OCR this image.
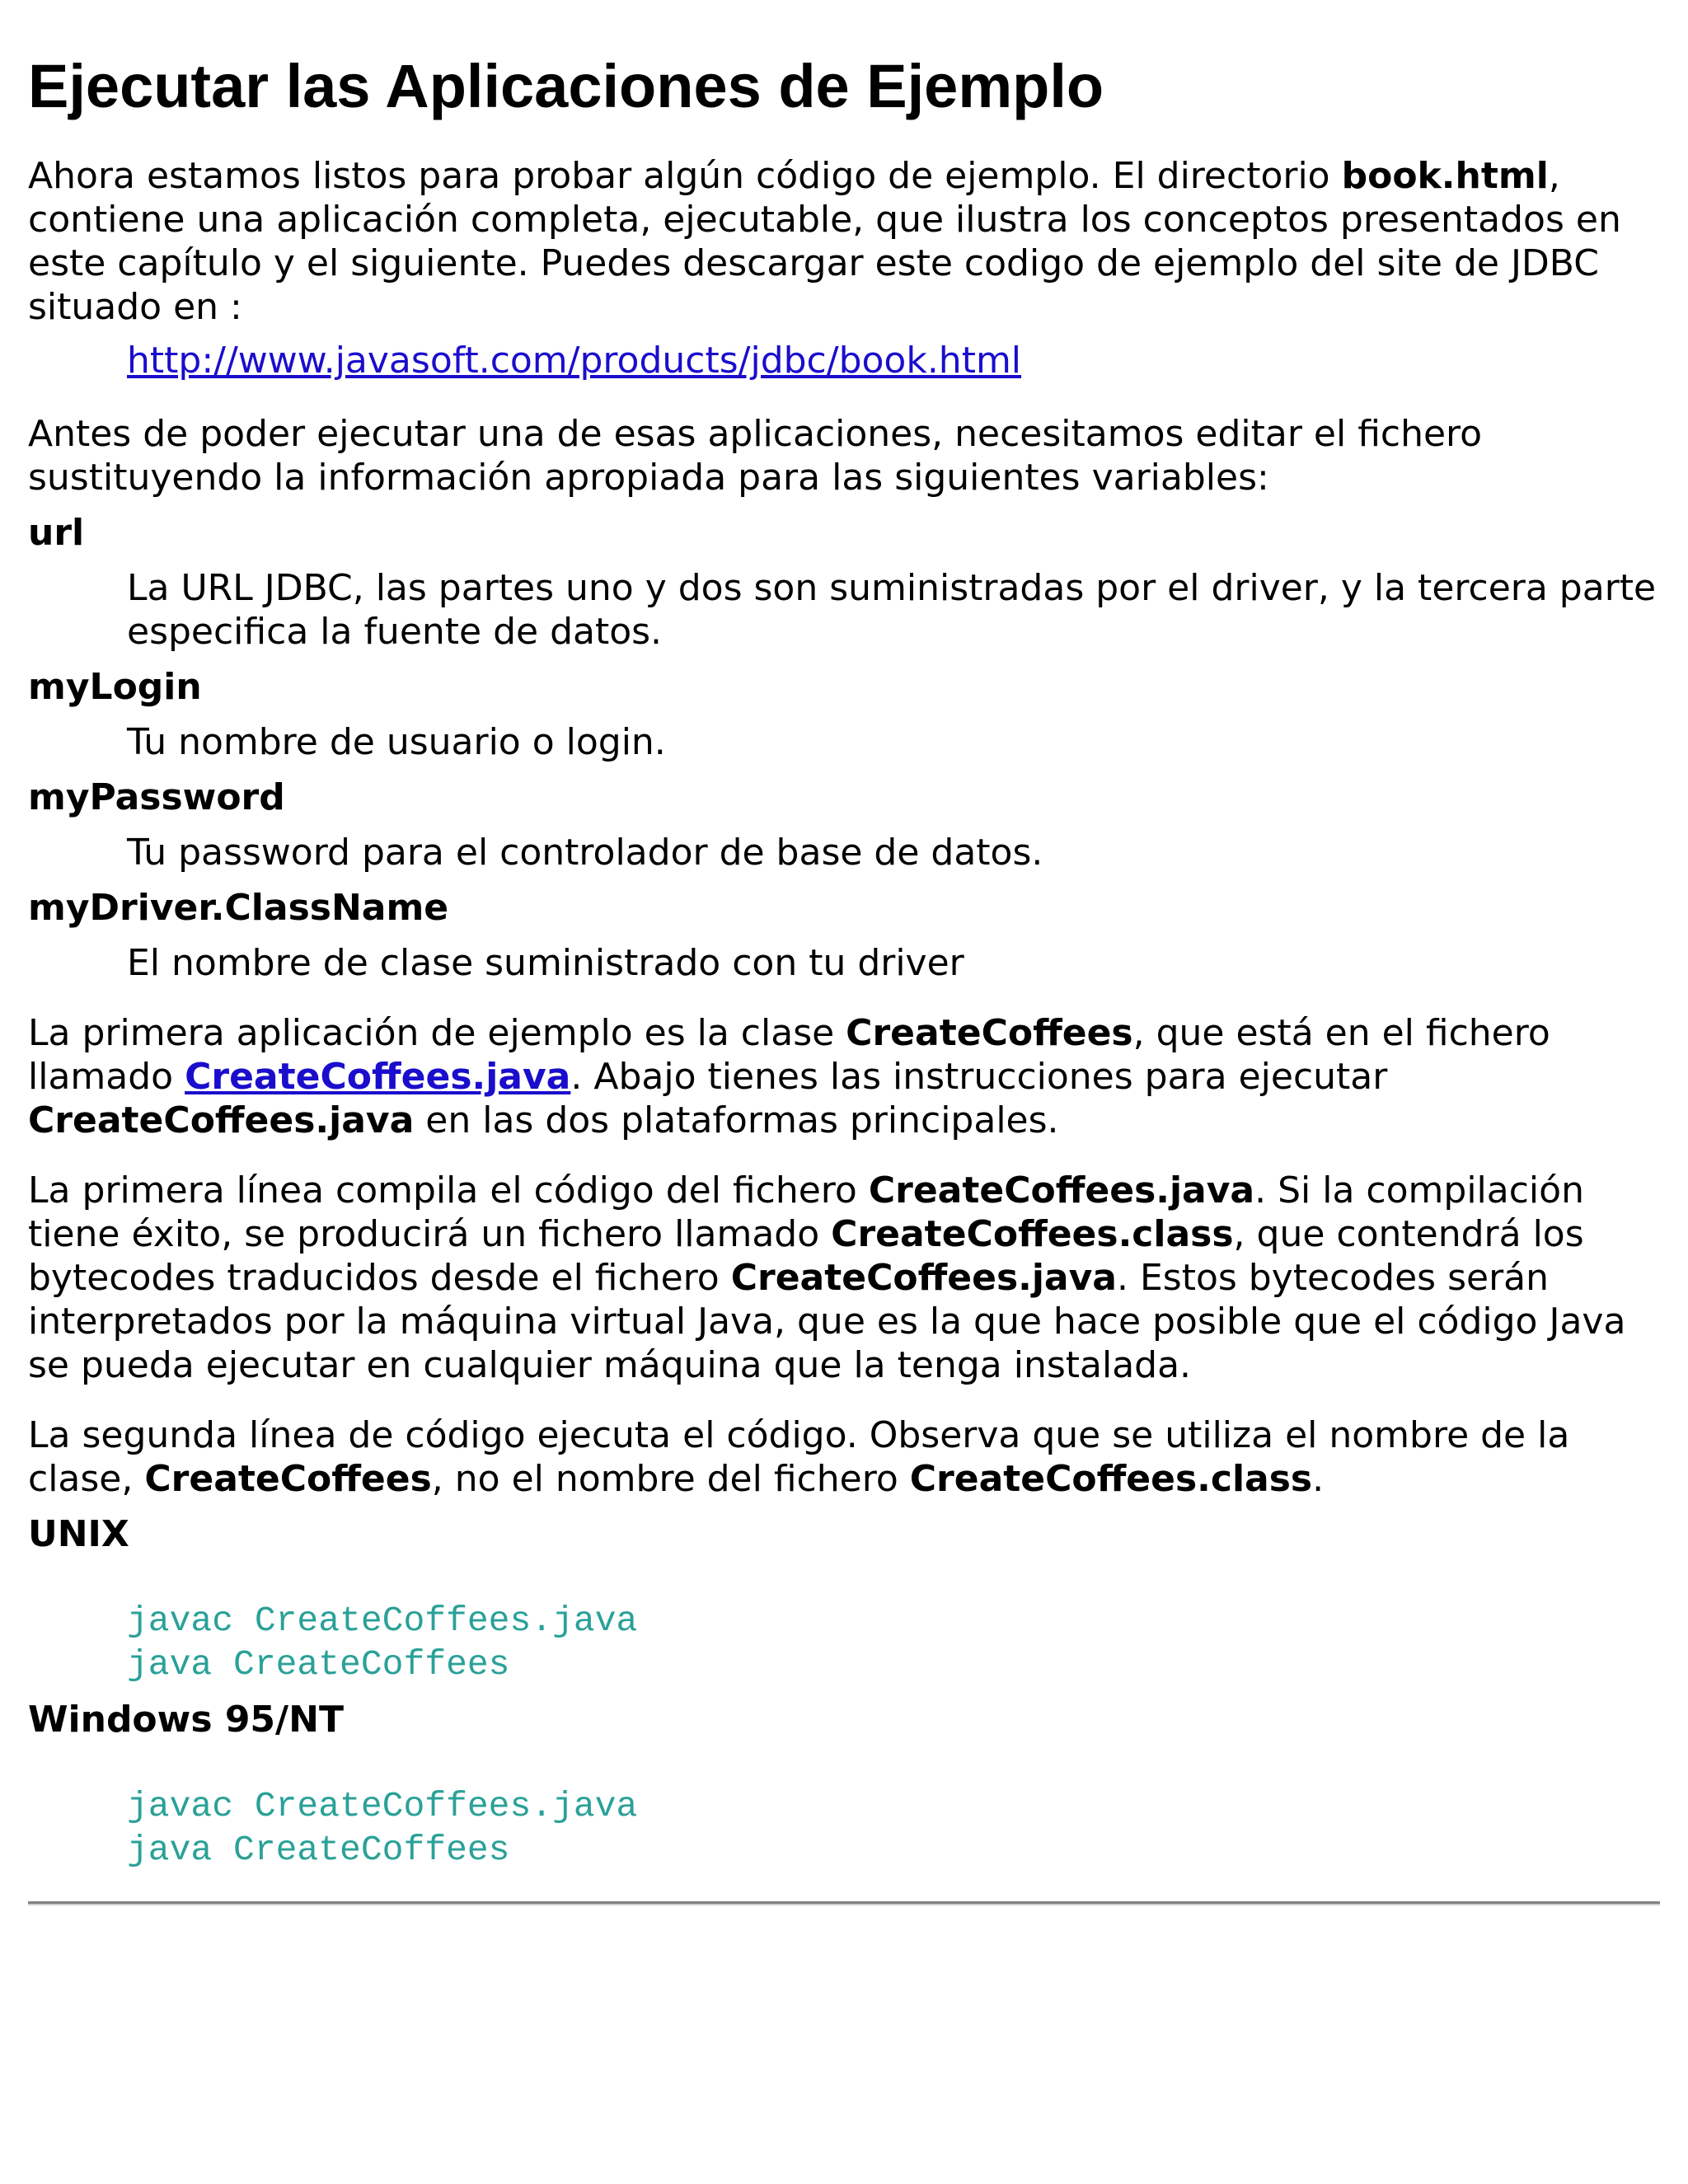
Ejecutar las Aplicaciones de Ejemplo

Ahora estamos listos para probar algún código de ejemplo. El directorio book.html, contiene una aplicación completa, ejecutable, que ilustra los conceptos presentados en este capítulo y el siguiente. Puedes descargar este codigo de ejemplo del site de JDBC situado en :

http://www.javasoft.com/products/jdbc/book.html

Antes de poder ejecutar una de esas aplicaciones, necesitamos editar el fichero sustituyendo la información apropiada para las siguientes variables:

url
La URL JDBC, las partes uno y dos son suministradas por el driver, y la tercera parte especifica la fuente de datos.
myLogin
Tu nombre de usuario o login.
myPassword
Tu password para el controlador de base de datos.
myDriver.ClassName
El nombre de clase suministrado con tu driver

La primera aplicación de ejemplo es la clase CreateCoffees, que está en el fichero llamado CreateCoffees.java. Abajo tienes las instrucciones para ejecutar CreateCoffees.java en las dos plataformas principales.

La primera línea compila el código del fichero CreateCoffees.java. Si la compilación tiene éxito, se producirá un fichero llamado CreateCoffees.class, que contendrá los bytecodes traducidos desde el fichero CreateCoffees.java. Estos bytecodes serán interpretados por la máquina virtual Java, que es la que hace posible que el código Java se pueda ejecutar en cualquier máquina que la tenga instalada.

La segunda línea de código ejecuta el código. Observa que se utiliza el nombre de la clase, CreateCoffees, no el nombre del fichero CreateCoffees.class.

UNIX
javac CreateCoffees.java
java CreateCoffees
Windows 95/NT
javac CreateCoffees.java
java CreateCoffees
